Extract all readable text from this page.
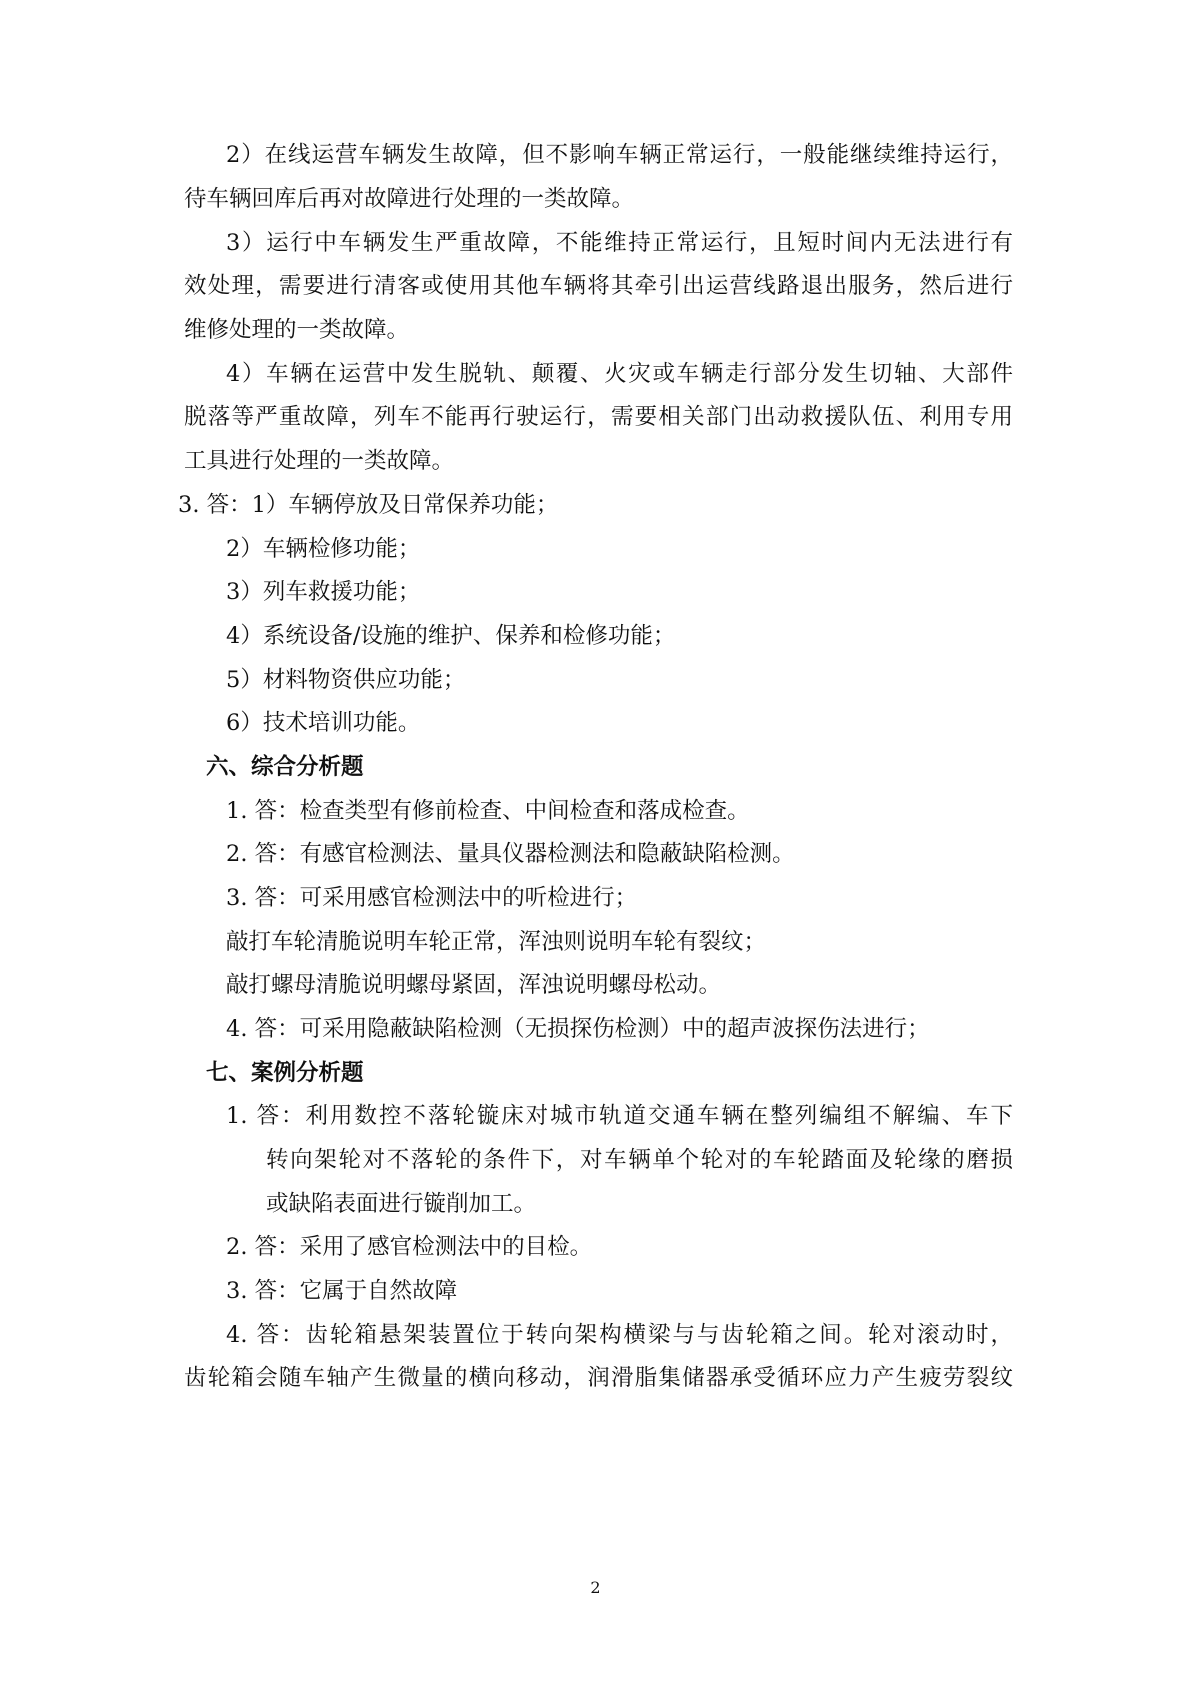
2）在线运营车辆发生故障，但不影响车辆正常运行，一般能继续维持运行，
待车辆回库后再对故障进行处理的一类故障。
3）运行中车辆发生严重故障，不能维持正常运行，且短时间内无法进行有
效处理，需要进行清客或使用其他车辆将其牵引出运营线路退出服务，然后进行
维修处理的一类故障。
4）车辆在运营中发生脱轨、颠覆、火灾或车辆走行部分发生切轴、大部件
脱落等严重故障，列车不能再行驶运行，需要相关部门出动救援队伍、利用专用
工具进行处理的一类故障。
3. 答：1）车辆停放及日常保养功能；
2）车辆检修功能；
3）列车救援功能；
4）系统设备/设施的维护、保养和检修功能；
5）材料物资供应功能；
6）技术培训功能。
六、综合分析题
1. 答：检查类型有修前检查、中间检查和落成检查。
2. 答：有感官检测法、量具仪器检测法和隐蔽缺陷检测。
3. 答：可采用感官检测法中的听检进行；
敲打车轮清脆说明车轮正常，浑浊则说明车轮有裂纹；
敲打螺母清脆说明螺母紧固，浑浊说明螺母松动。
4. 答：可采用隐蔽缺陷检测（无损探伤检测）中的超声波探伤法进行；
七、案例分析题
1. 答：利用数控不落轮镟床对城市轨道交通车辆在整列编组不解编、车下
转向架轮对不落轮的条件下，对车辆单个轮对的车轮踏面及轮缘的磨损
或缺陷表面进行镟削加工。
2. 答：采用了感官检测法中的目检。
3. 答：它属于自然故障
4. 答：齿轮箱悬架装置位于转向架构横梁与与齿轮箱之间。轮对滚动时，
齿轮箱会随车轴产生微量的横向移动，润滑脂集储器承受循环应力产生疲劳裂纹
2
